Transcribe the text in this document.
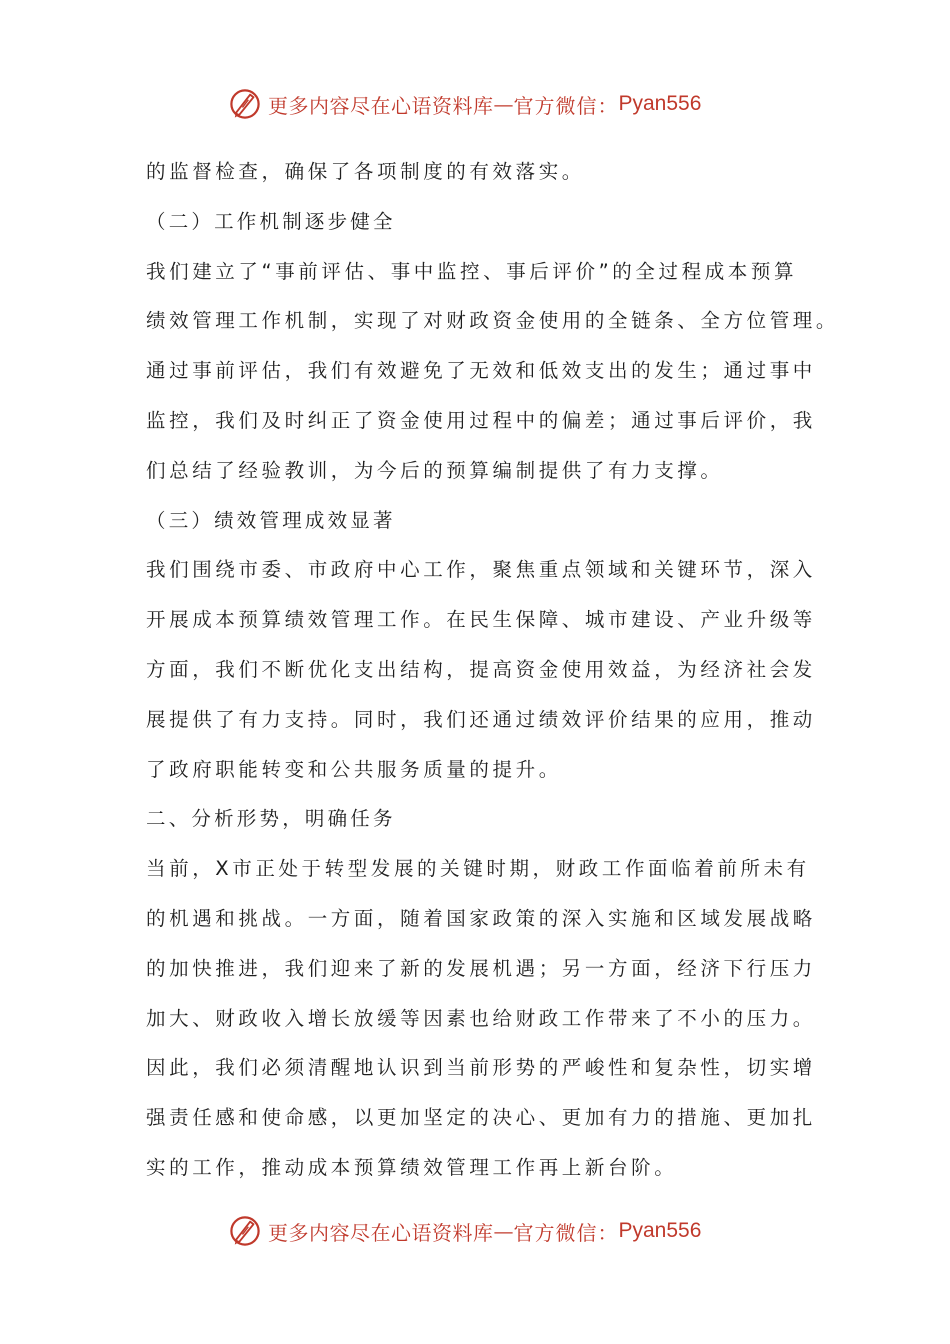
更多内容尽在心语资料库 — 官方微信： Pyan556
的监督检查，确保了各项制度的有效落实。
（二）工作机制逐步健全
我们建立了“事前评估、事中监控、事后评价”的全过程成本预算
绩效管理工作机制，实现了对财政资金使用的全链条、全方位管理。
通过事前评估，我们有效避免了无效和低效支出的发生；通过事中
监控，我们及时纠正了资金使用过程中的偏差；通过事后评价，我
们总结了经验教训，为今后的预算编制提供了有力支撑。
（三）绩效管理成效显著
我们围绕市委、市政府中心工作，聚焦重点领域和关键环节，深入
开展成本预算绩效管理工作。在民生保障、城市建设、产业升级等
方面，我们不断优化支出结构，提高资金使用效益，为经济社会发
展提供了有力支持。同时，我们还通过绩效评价结果的应用，推动
了政府职能转变和公共服务质量的提升。
二、分析形势，明确任务
当前，X市正处于转型发展的关键时期，财政工作面临着前所未有
的机遇和挑战。一方面，随着国家政策的深入实施和区域发展战略
的加快推进，我们迎来了新的发展机遇；另一方面，经济下行压力
加大、财政收入增长放缓等因素也给财政工作带来了不小的压力。
因此，我们必须清醒地认识到当前形势的严峻性和复杂性，切实增
强责任感和使命感，以更加坚定的决心、更加有力的措施、更加扎
实的工作，推动成本预算绩效管理工作再上新台阶。
更多内容尽在心语资料库 — 官方微信： Pyan556
